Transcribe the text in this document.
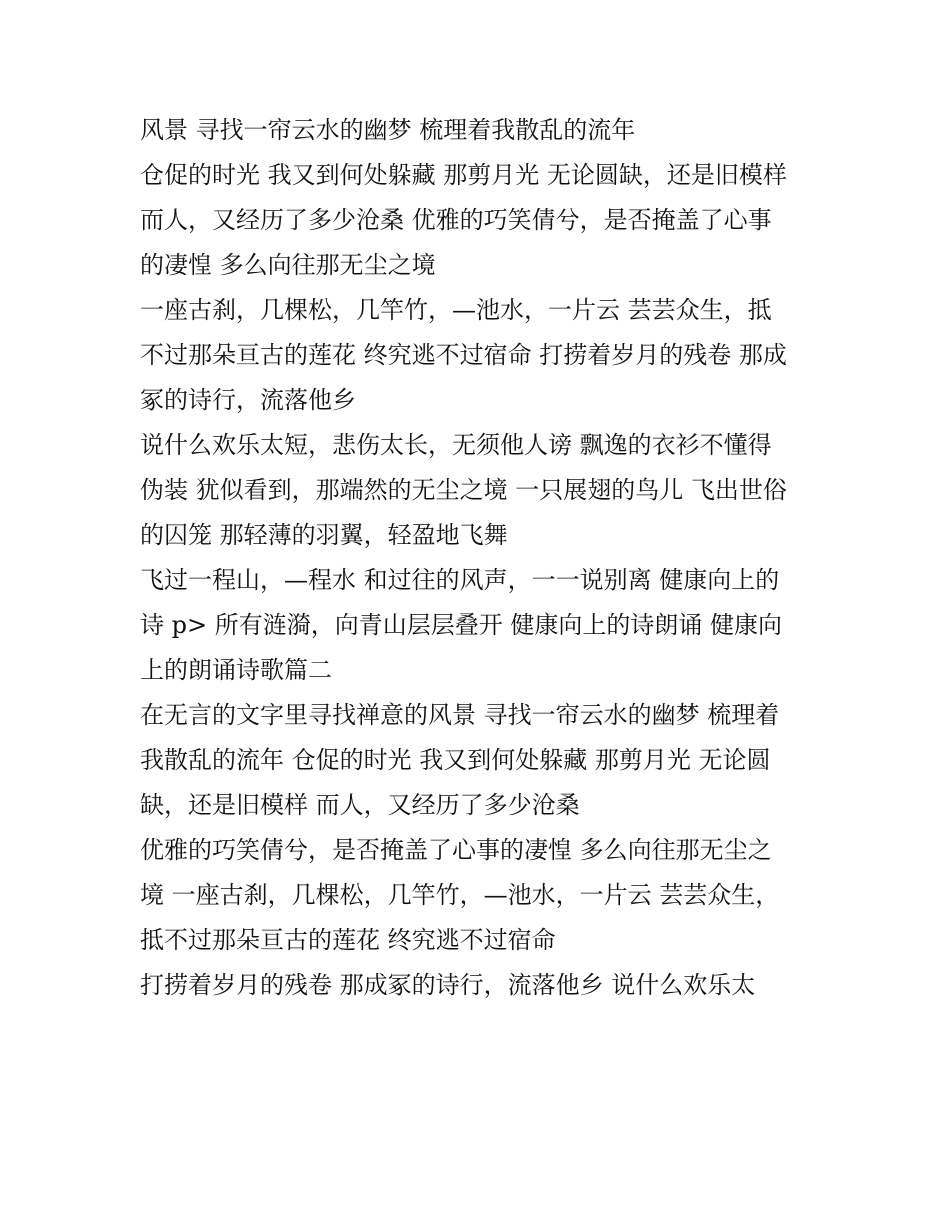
风景 寻找一帘云水的幽梦 梳理着我散乱的流年
仓促的时光 我又到何处躲藏 那剪月光 无论圆缺，还是旧模样
而人，又经历了多少沧桑 优雅的巧笑倩兮，是否掩盖了心事
的凄惶 多么向往那无尘之境
一座古刹，几棵松，几竿竹，—池水，一片云 芸芸众生，抵
不过那朵亘古的莲花 终究逃不过宿命 打捞着岁月的残卷 那成
冢的诗行，流落他乡
说什么欢乐太短，悲伤太长，无须他人谤 飘逸的衣衫不懂得
伪装 犹似看到，那端然的无尘之境 一只展翅的鸟儿 飞出世俗
的囚笼 那轻薄的羽翼，轻盈地飞舞
飞过一程山，—程水 和过往的风声，一一说别离 健康向上的
诗 p> 所有涟漪，向青山层层叠开 健康向上的诗朗诵 健康向
上的朗诵诗歌篇二
在无言的文字里寻找禅意的风景 寻找一帘云水的幽梦 梳理着
我散乱的流年 仓促的时光 我又到何处躲藏 那剪月光 无论圆
缺，还是旧模样 而人，又经历了多少沧桑
优雅的巧笑倩兮，是否掩盖了心事的凄惶 多么向往那无尘之
境 一座古刹，几棵松，几竿竹，—池水，一片云 芸芸众生，
抵不过那朵亘古的莲花 终究逃不过宿命
打捞着岁月的残卷 那成冢的诗行，流落他乡 说什么欢乐太
